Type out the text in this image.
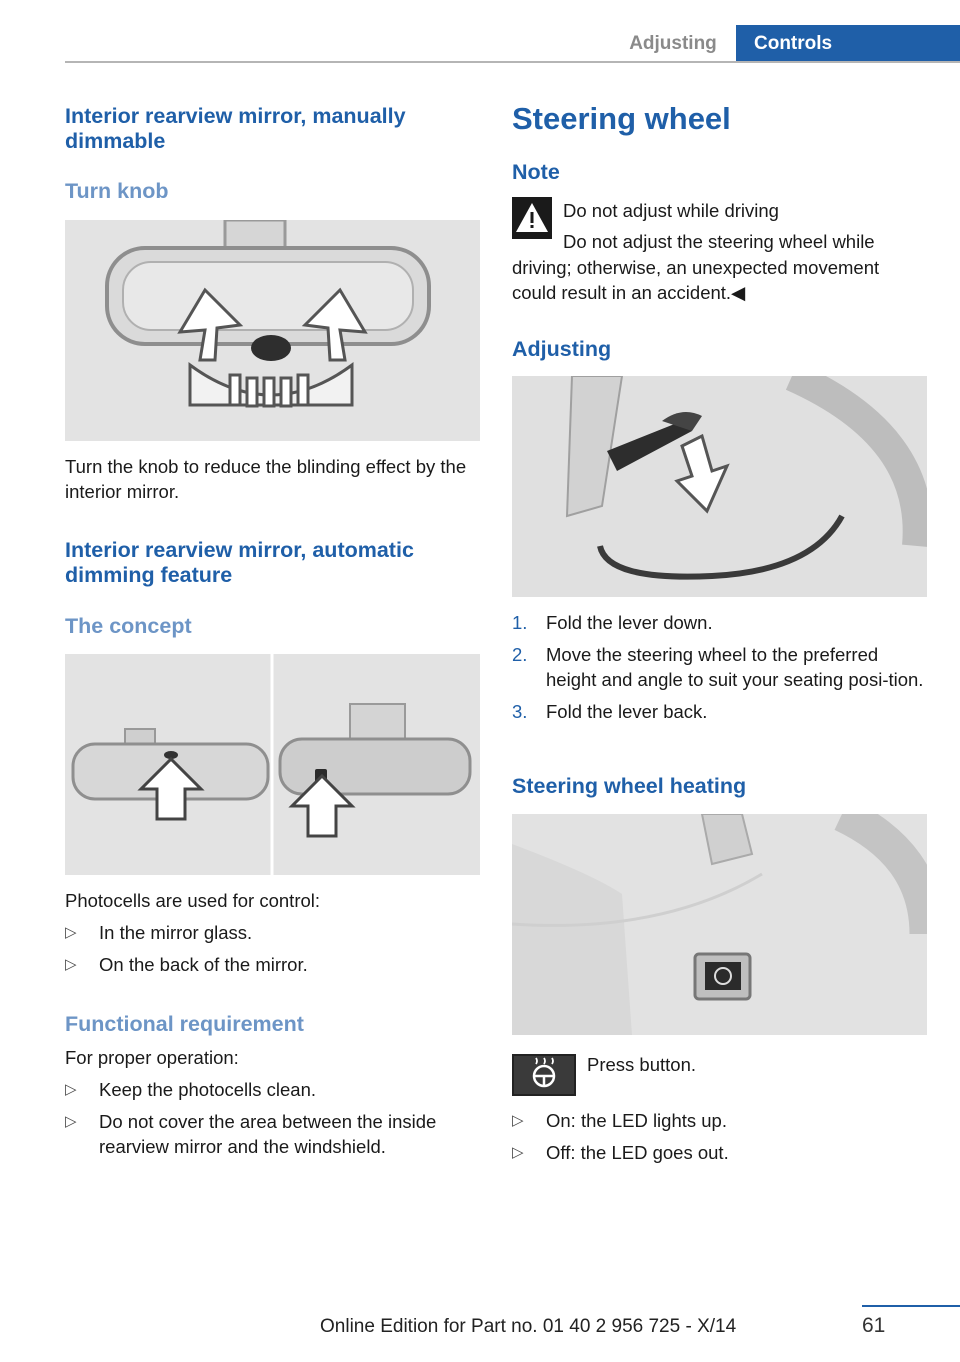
Adjusting	Controls
Interior rearview mirror, manually dimmable
Turn knob
Turn the knob to reduce the blinding effect by the interior mirror.
Interior rearview mirror, automatic dimming feature
The concept
Photocells are used for control:
▷ In the mirror glass.
▷ On the back of the mirror.
Functional requirement
For proper operation:
▷ Keep the photocells clean.
▷ Do not cover the area between the inside rearview mirror and the windshield.
Steering wheel
Note
Do not adjust while driving
Do not adjust the steering wheel while
driving; otherwise, an unexpected movement could result in an accident.◀
Adjusting
1. Fold the lever down.
2. Move the steering wheel to the preferred height and angle to suit your seating posi‐tion.
3. Fold the lever back.
Steering wheel heating
Press button.
▷ On: the LED lights up.
▷ Off: the LED goes out.
61
Online Edition for Part no. 01 40 2 956 725 - X/14
